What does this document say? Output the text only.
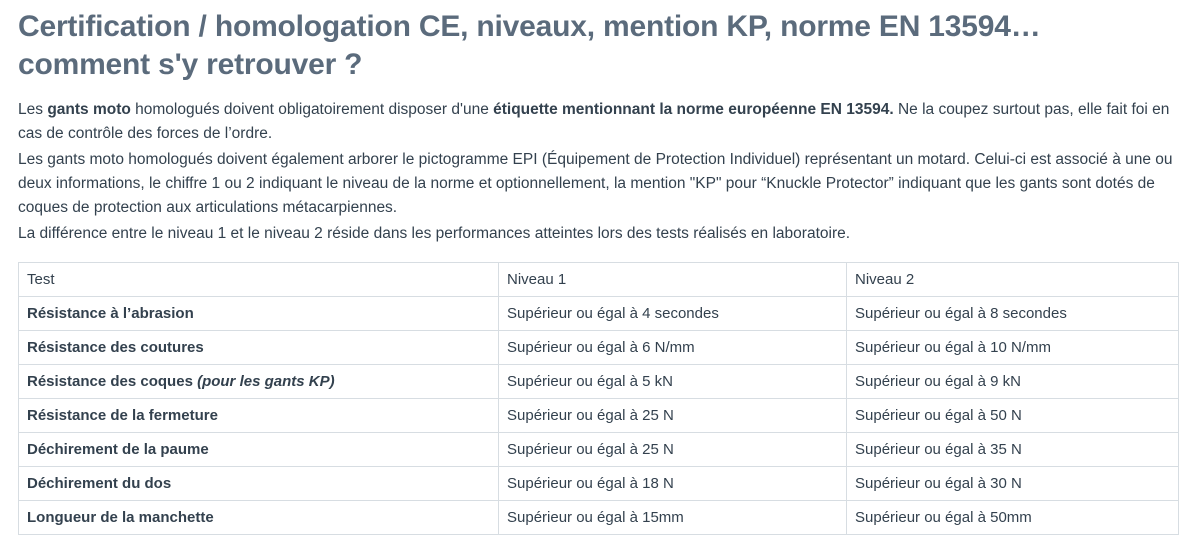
Certification / homologation CE, niveaux, mention KP, norme EN 13594… comment s'y retrouver ?

Les gants moto homologués doivent obligatoirement disposer d'une étiquette mentionnant la norme européenne EN 13594. Ne la coupez surtout pas, elle fait foi en cas de contrôle des forces de l’ordre.

Les gants moto homologués doivent également arborer le pictogramme EPI (Équipement de Protection Individuel) représentant un motard. Celui-ci est associé à une ou deux informations, le chiffre 1 ou 2 indiquant le niveau de la norme et optionnellement, la mention "KP" pour “Knuckle Protector” indiquant que les gants sont dotés de coques de protection aux articulations métacarpiennes.

La différence entre le niveau 1 et le niveau 2 réside dans les performances atteintes lors des tests réalisés en laboratoire.

Test	Niveau 1	Niveau 2
Résistance à l’abrasion	Supérieur ou égal à 4 secondes	Supérieur ou égal à 8 secondes
Résistance des coutures	Supérieur ou égal à 6 N/mm	Supérieur ou égal à 10 N/mm
Résistance des coques (pour les gants KP)	Supérieur ou égal à 5 kN	Supérieur ou égal à 9 kN
Résistance de la fermeture	Supérieur ou égal à 25 N	Supérieur ou égal à 50 N
Déchirement de la paume	Supérieur ou égal à 25 N	Supérieur ou égal à 35 N
Déchirement du dos	Supérieur ou égal à 18 N	Supérieur ou égal à 30 N
Longueur de la manchette	Supérieur ou égal à 15mm	Supérieur ou égal à 50mm
